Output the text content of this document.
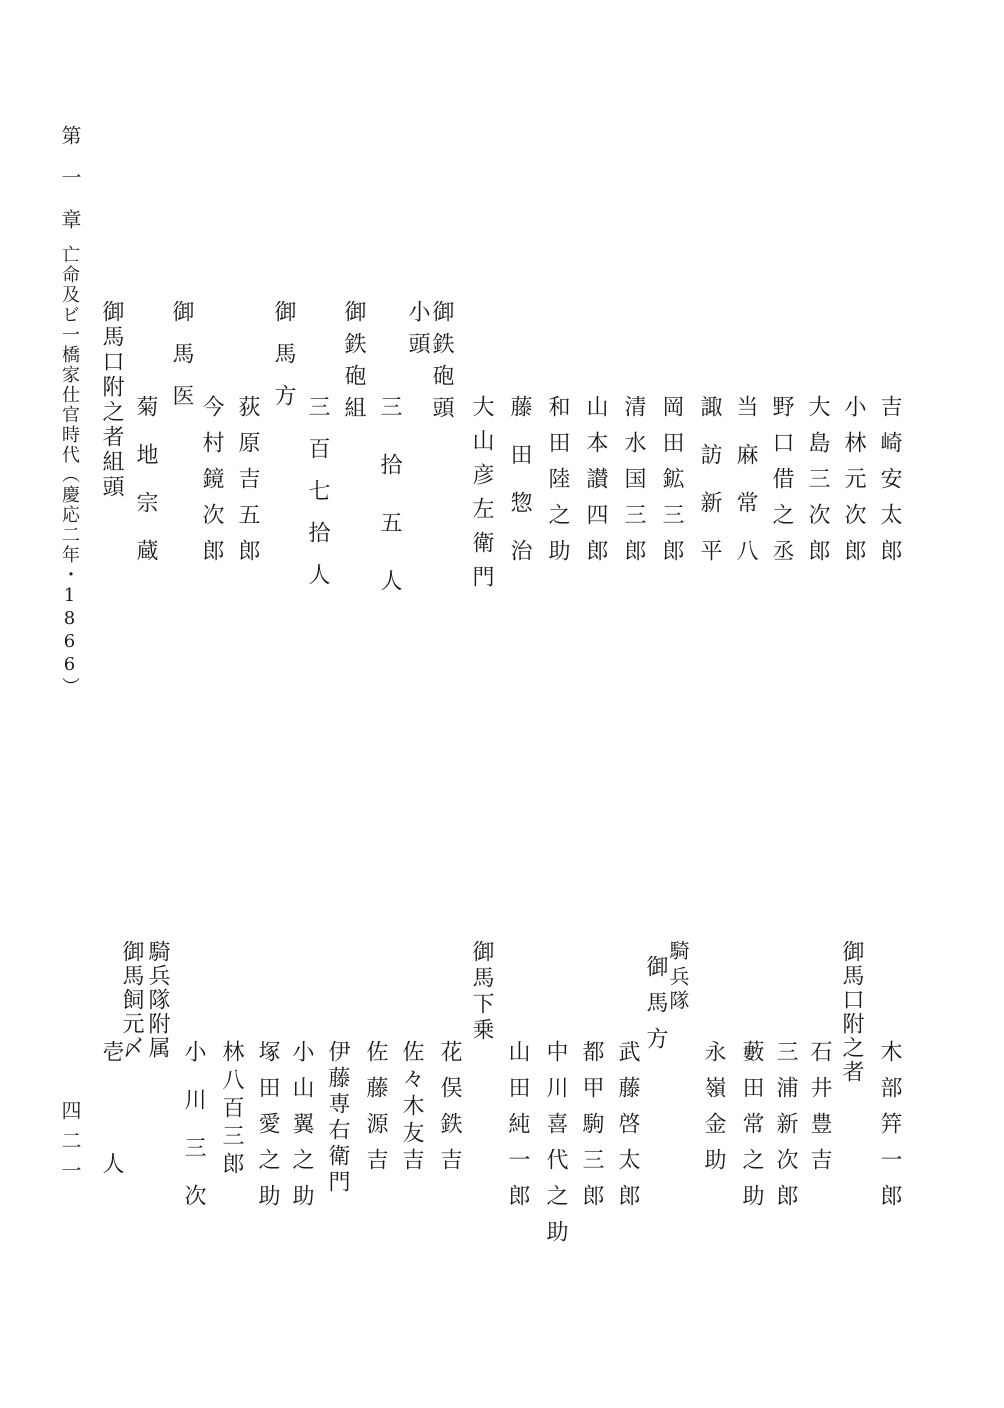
第一章
亡命及ビ一橋家仕官時代（慶応二年・1866）
四二一
吉崎安太郎
小林元次郎
大島三次郎
野口借之丞
当麻常八
諏訪新平
岡田鉱三郎
清水国三郎
山本讃四郎
和田陸之助
藤田惣治
大山彦左衛門
御鉄砲頭
小頭
三拾五人
御鉄砲組
三百七拾人
御馬方
荻原吉五郎
今村鏡次郎
御馬医
菊地宗蔵
御馬口附之者組頭
木部筓一郎
御馬口附之者
石井豊吉
三浦新次郎
藪田常之助
永嶺金助
騎兵
隊
御馬方
武藤啓太郎
都甲駒三郎
中川喜代之助
山田純一郎
御馬下乗
花俣鉄吉
佐々木友吉
佐藤源吉
伊藤専右衛門
小山翼之助
塚田愛之助
林八百三郎
小川三次
騎兵隊附属
御馬飼元〆
壱人
